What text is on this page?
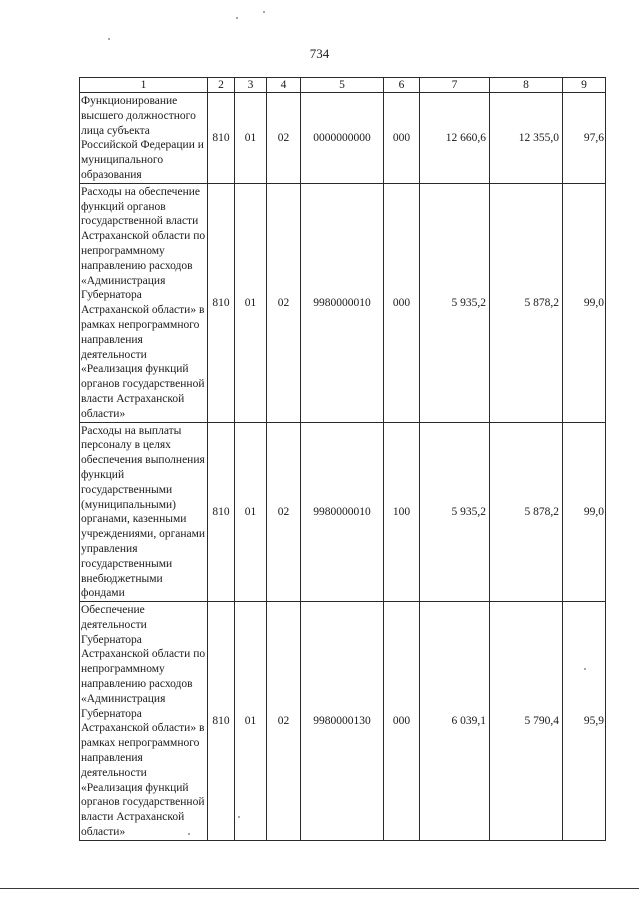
734
1	2	3	4	5	6	7	8	9
Функционирование высшего должностного лица субъекта Российской Федерации и муниципального образования	810	01	02	0000000000	000	12 660,6	12 355,0	97,6
Расходы на обеспечение функций органов государственной власти Астраханской области по непрограммному направлению расходов «Администрация Губернатора Астраханской области» в рамках непрограммного направления деятельности «Реализация функций органов государственной власти Астраханской области»	810	01	02	9980000010	000	5 935,2	5 878,2	99,0
Расходы на выплаты персоналу в целях обеспечения выполнения функций государственными (муниципальными) органами, казенными учреждениями, органами управления государственными внебюджетными фондами	810	01	02	9980000010	100	5 935,2	5 878,2	99,0
Обеспечение деятельности Губернатора Астраханской области по непрограммному направлению расходов «Администрация Губернатора Астраханской области» в рамках непрограммного направления деятельности «Реализация функций органов государственной власти Астраханской области»	810	01	02	9980000130	000	6 039,1	5 790,4	95,9
